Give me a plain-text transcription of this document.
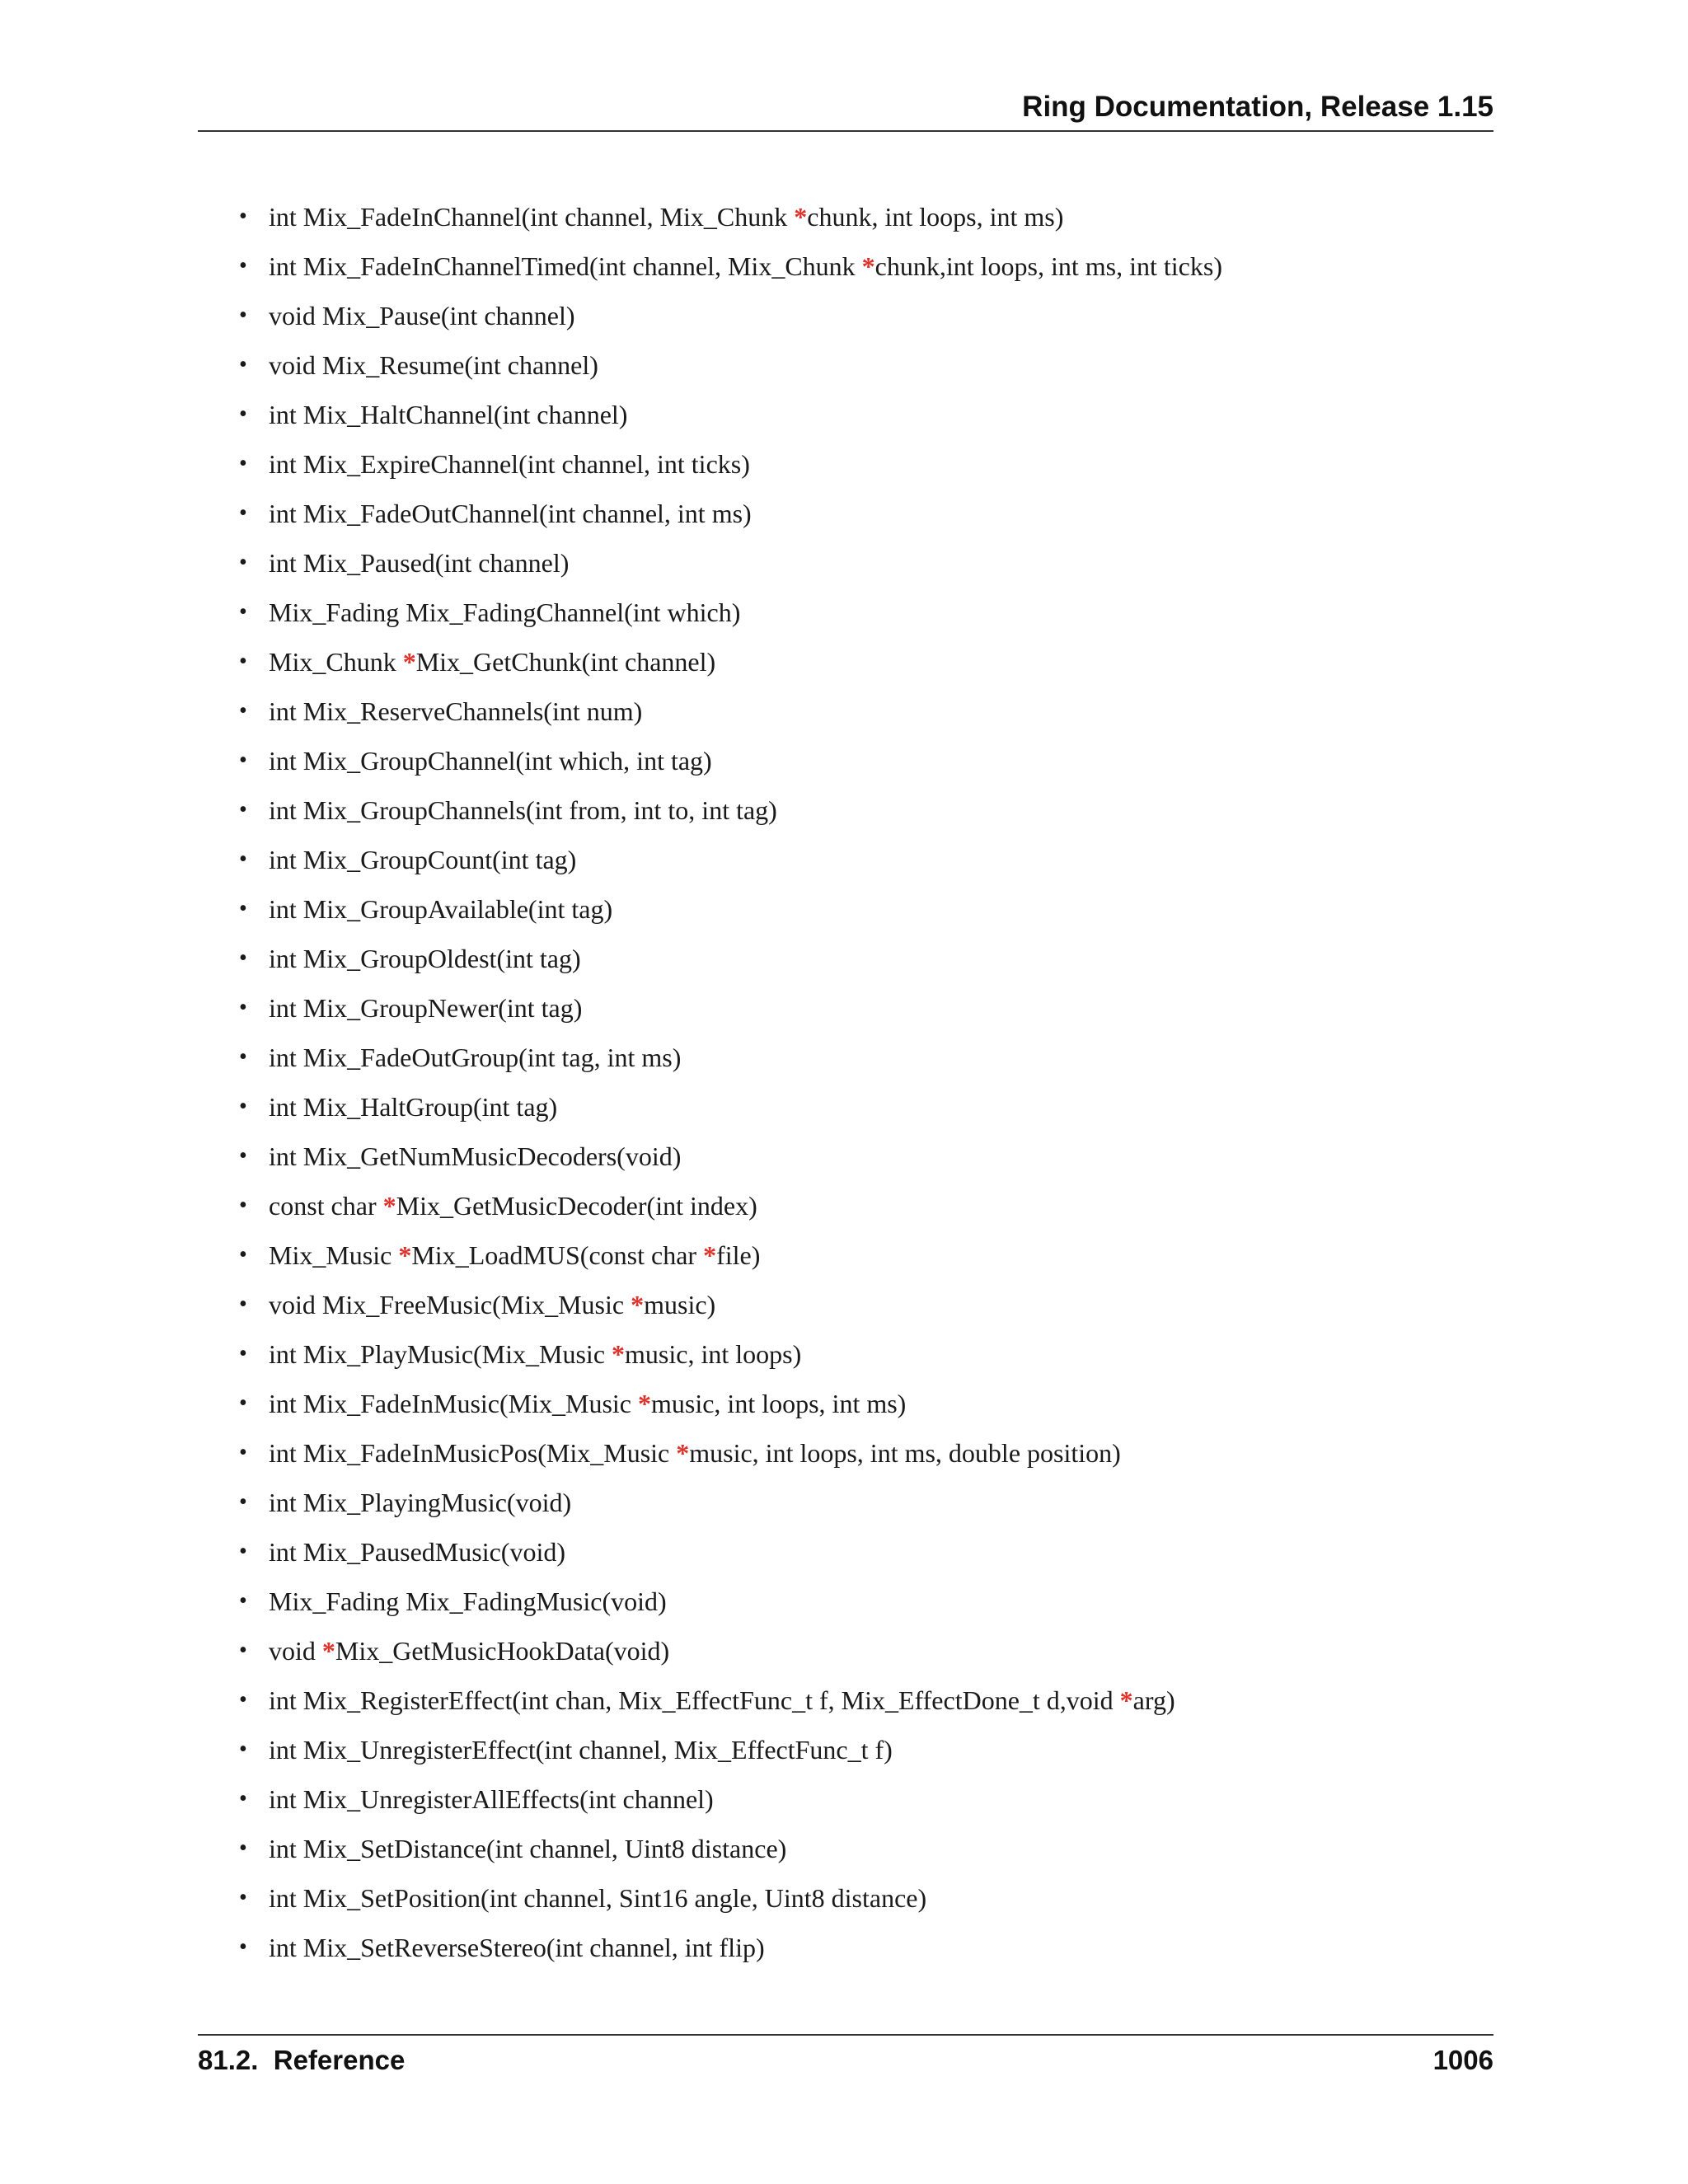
Ring Documentation, Release 1.15
• int Mix_FadeInChannel(int channel, Mix_Chunk *chunk, int loops, int ms)
• int Mix_FadeInChannelTimed(int channel, Mix_Chunk *chunk,int loops, int ms, int ticks)
• void Mix_Pause(int channel)
• void Mix_Resume(int channel)
• int Mix_HaltChannel(int channel)
• int Mix_ExpireChannel(int channel, int ticks)
• int Mix_FadeOutChannel(int channel, int ms)
• int Mix_Paused(int channel)
• Mix_Fading Mix_FadingChannel(int which)
• Mix_Chunk *Mix_GetChunk(int channel)
• int Mix_ReserveChannels(int num)
• int Mix_GroupChannel(int which, int tag)
• int Mix_GroupChannels(int from, int to, int tag)
• int Mix_GroupCount(int tag)
• int Mix_GroupAvailable(int tag)
• int Mix_GroupOldest(int tag)
• int Mix_GroupNewer(int tag)
• int Mix_FadeOutGroup(int tag, int ms)
• int Mix_HaltGroup(int tag)
• int Mix_GetNumMusicDecoders(void)
• const char *Mix_GetMusicDecoder(int index)
• Mix_Music *Mix_LoadMUS(const char *file)
• void Mix_FreeMusic(Mix_Music *music)
• int Mix_PlayMusic(Mix_Music *music, int loops)
• int Mix_FadeInMusic(Mix_Music *music, int loops, int ms)
• int Mix_FadeInMusicPos(Mix_Music *music, int loops, int ms, double position)
• int Mix_PlayingMusic(void)
• int Mix_PausedMusic(void)
• Mix_Fading Mix_FadingMusic(void)
• void *Mix_GetMusicHookData(void)
• int Mix_RegisterEffect(int chan, Mix_EffectFunc_t f, Mix_EffectDone_t d,void *arg)
• int Mix_UnregisterEffect(int channel, Mix_EffectFunc_t f)
• int Mix_UnregisterAllEffects(int channel)
• int Mix_SetDistance(int channel, Uint8 distance)
• int Mix_SetPosition(int channel, Sint16 angle, Uint8 distance)
• int Mix_SetReverseStereo(int channel, int flip)
81.2.  Reference	1006
